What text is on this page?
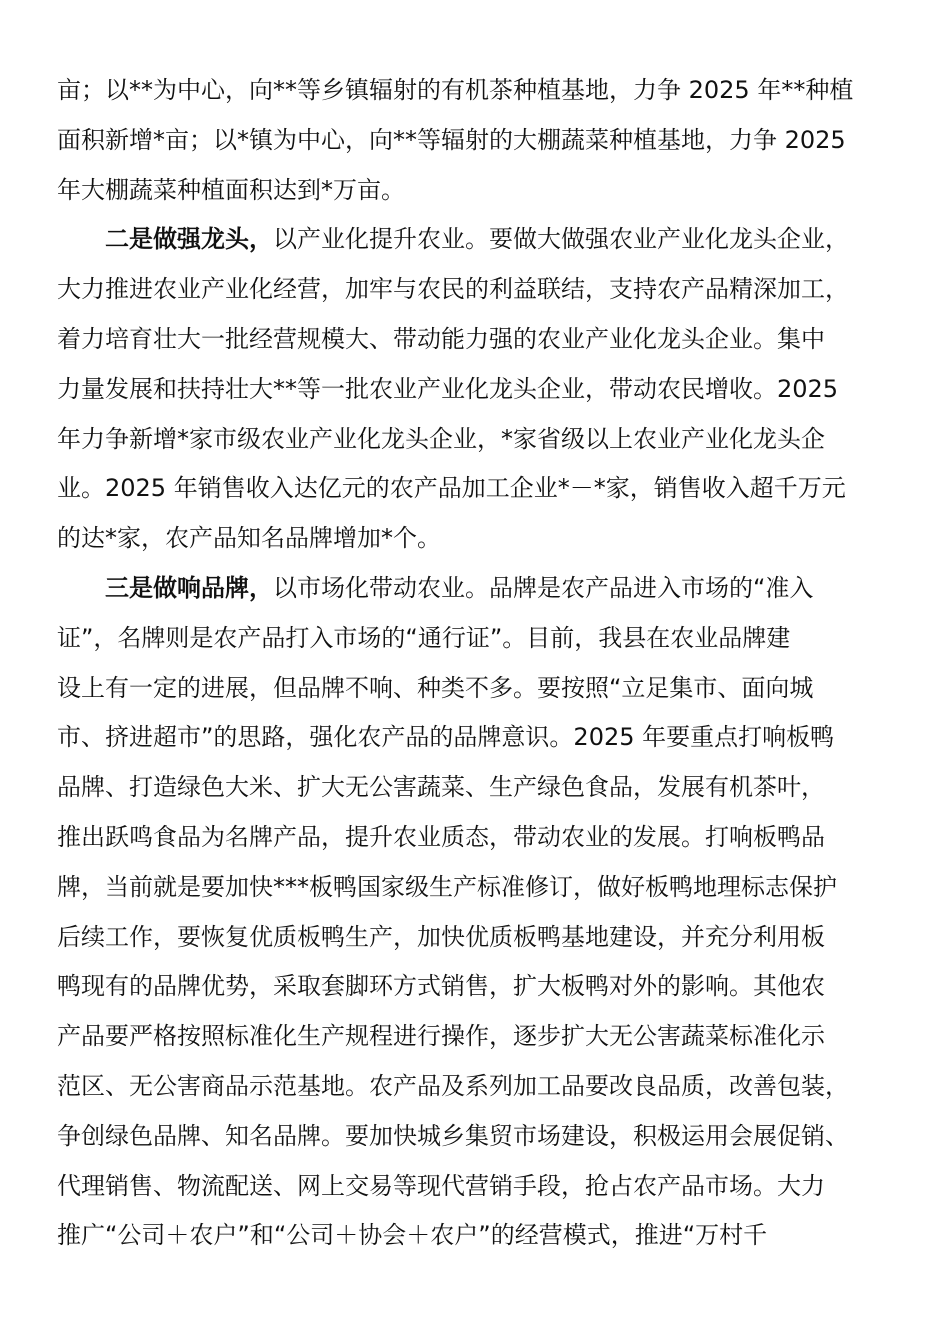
亩；以**为中心，向**等乡镇辐射的有机茶种植基地，力争 2025 年**种植
面积新增*亩；以*镇为中心，向**等辐射的大棚蔬菜种植基地，力争 2025
年大棚蔬菜种植面积达到*万亩。
二是做强龙头，以产业化提升农业。要做大做强农业产业化龙头企业，
大力推进农业产业化经营，加牢与农民的利益联结，支持农产品精深加工，
着力培育壮大一批经营规模大、带动能力强的农业产业化龙头企业。集中
力量发展和扶持壮大**等一批农业产业化龙头企业，带动农民增收。2025
年力争新增*家市级农业产业化龙头企业，*家省级以上农业产业化龙头企
业。2025 年销售收入达亿元的农产品加工企业*－*家，销售收入超千万元
的达*家，农产品知名品牌增加*个。
三是做响品牌，以市场化带动农业。品牌是农产品进入市场的“准入
证”，名牌则是农产品打入市场的“通行证”。目前，我县在农业品牌建
设上有一定的进展，但品牌不响、种类不多。要按照“立足集市、面向城
市、挤进超市”的思路，强化农产品的品牌意识。2025 年要重点打响板鸭
品牌、打造绿色大米、扩大无公害蔬菜、生产绿色食品，发展有机茶叶，
推出跃鸣食品为名牌产品，提升农业质态，带动农业的发展。打响板鸭品
牌，当前就是要加快***板鸭国家级生产标准修订，做好板鸭地理标志保护
后续工作，要恢复优质板鸭生产，加快优质板鸭基地建设，并充分利用板
鸭现有的品牌优势，采取套脚环方式销售，扩大板鸭对外的影响。其他农
产品要严格按照标准化生产规程进行操作，逐步扩大无公害蔬菜标准化示
范区、无公害商品示范基地。农产品及系列加工品要改良品质，改善包装，
争创绿色品牌、知名品牌。要加快城乡集贸市场建设，积极运用会展促销、
代理销售、物流配送、网上交易等现代营销手段，抢占农产品市场。大力
推广“公司＋农户”和“公司＋协会＋农户”的经营模式，推进“万村千
